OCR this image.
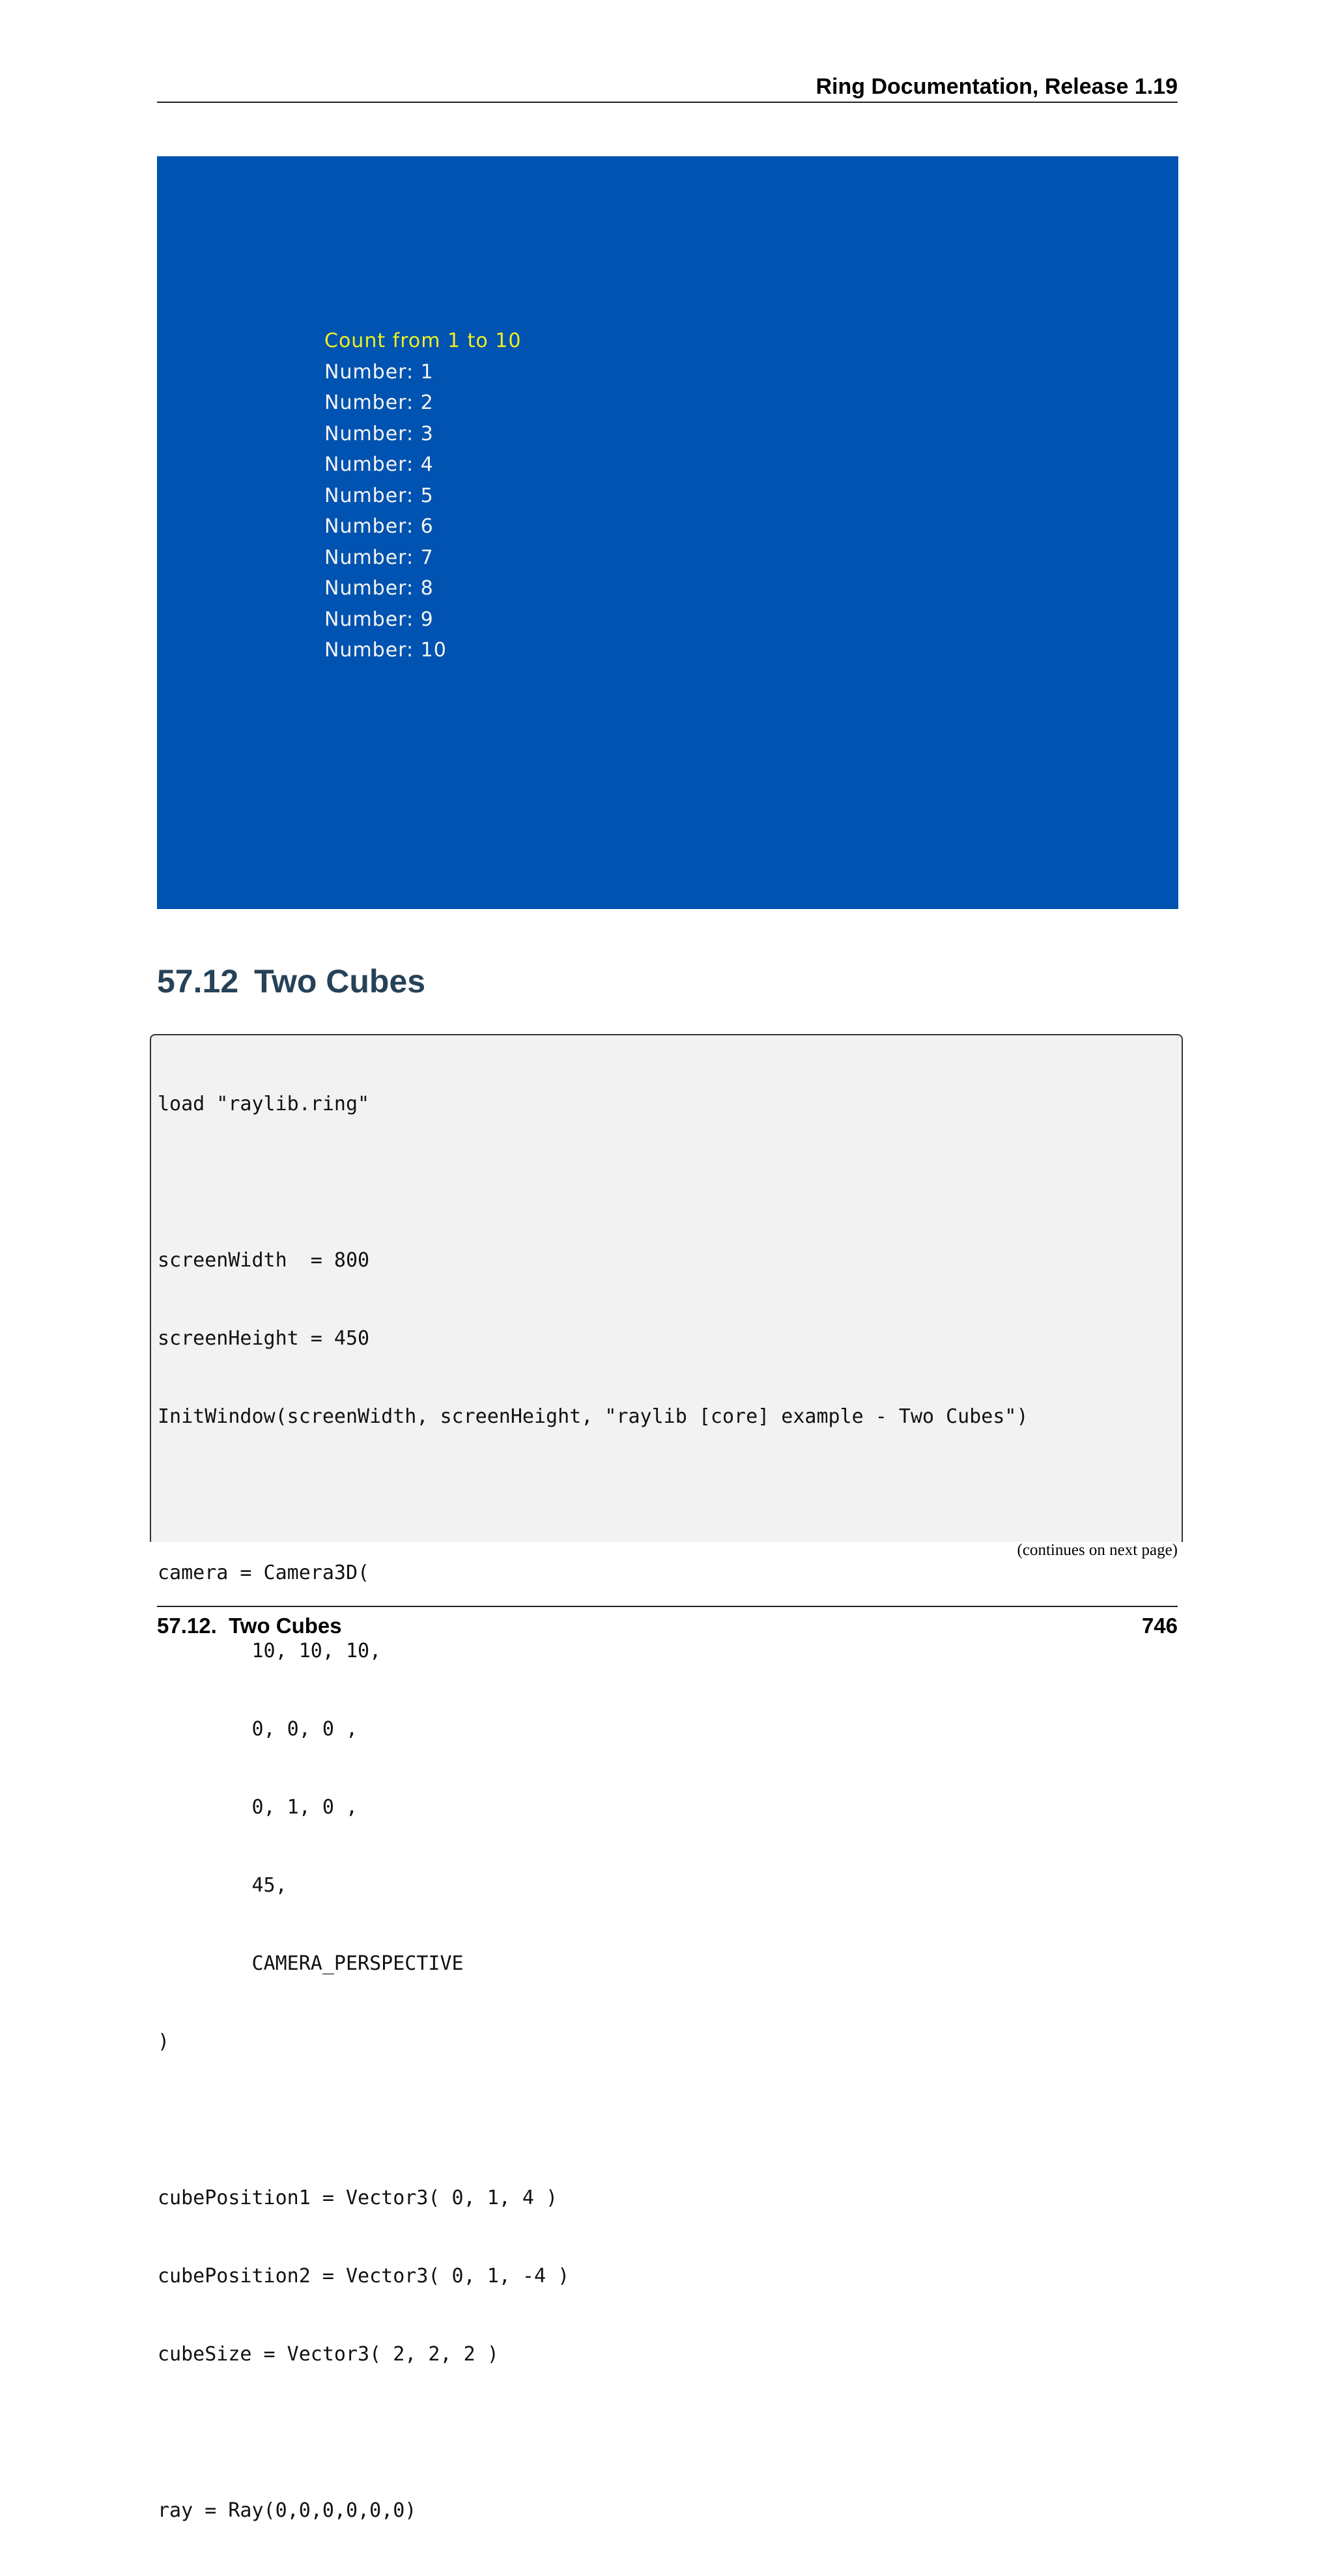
Ring Documentation, Release 1.19
Count from 1 to 10
Number: 1
Number: 2
Number: 3
Number: 4
Number: 5
Number: 6
Number: 7
Number: 8
Number: 9
Number: 10
57.12 Two Cubes

load "raylib.ring"

screenWidth  = 800

screenHeight = 450

InitWindow(screenWidth, screenHeight, "raylib [core] example - Two Cubes")

camera = Camera3D(

10, 10, 10,

0, 0, 0 ,

0, 1, 0 ,

45,

CAMERA_PERSPECTIVE

)

cubePosition1 = Vector3( 0, 1, 4 )

cubePosition2 = Vector3( 0, 1, -4 )

cubeSize = Vector3( 2, 2, 2 )

ray = Ray(0,0,0,0,0,0)

(continues on next page)
57.12.  Two Cubes	746
